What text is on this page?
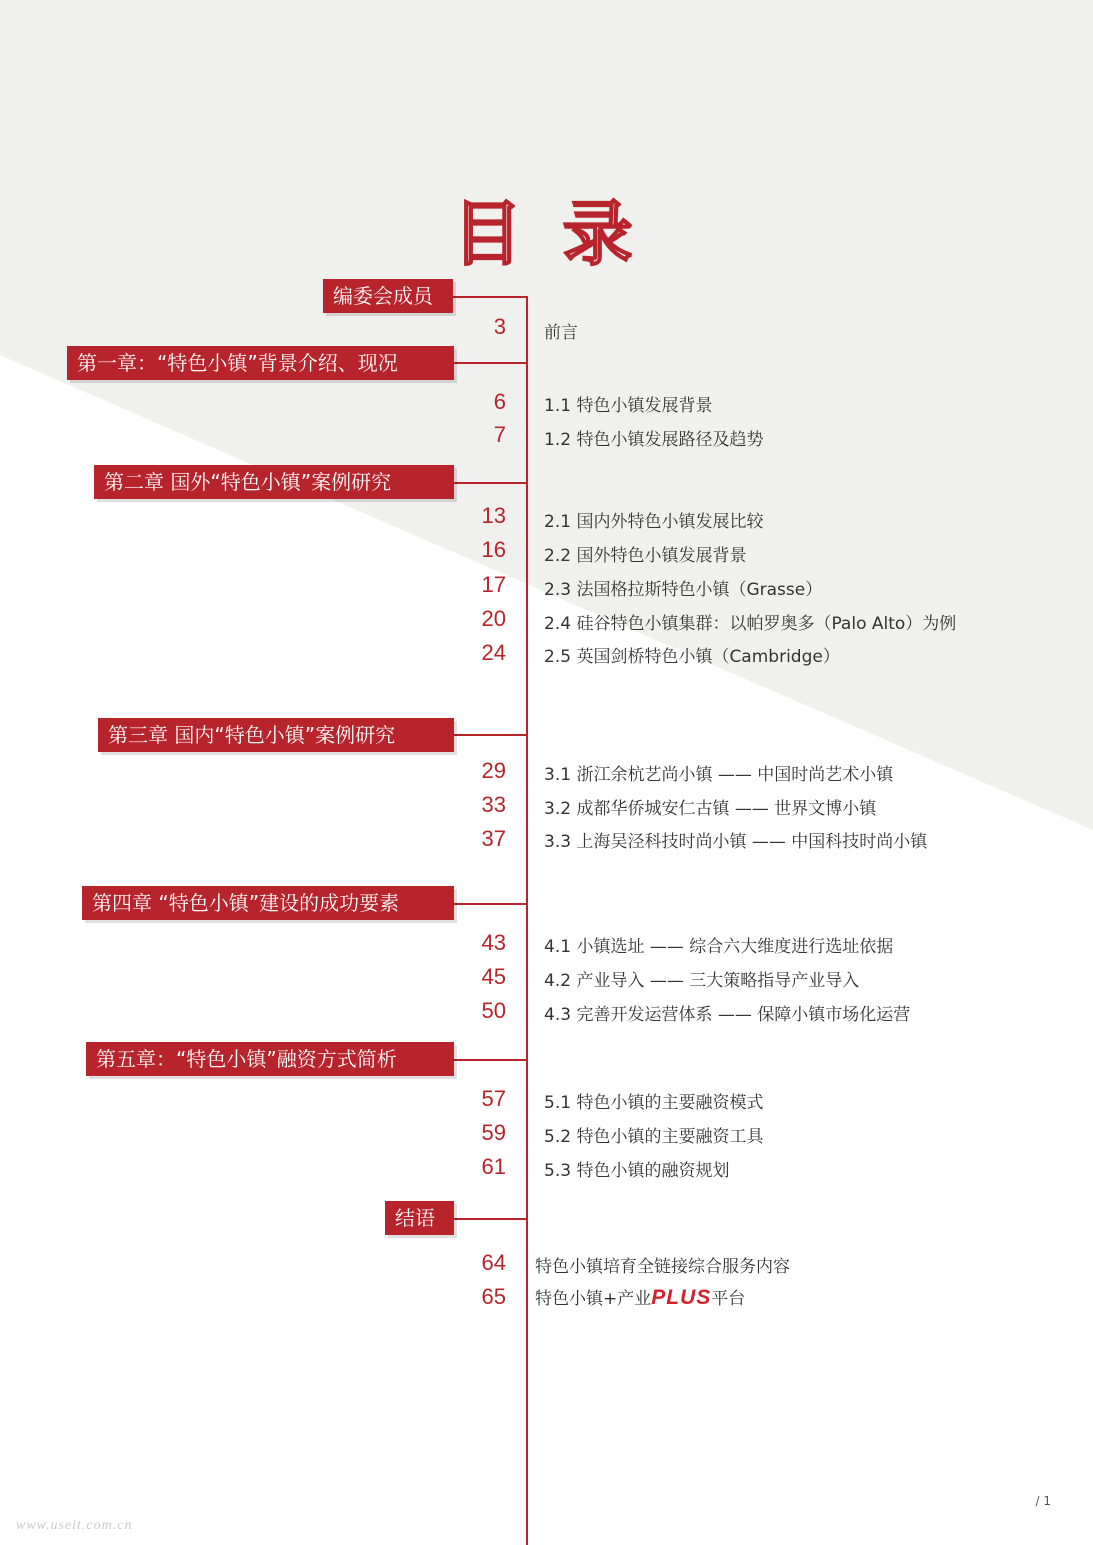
目 录
编委会成员
3 前言
第一章：“特色小镇”背景介绍、现况
6 1.1 特色小镇发展背景
7 1.2 特色小镇发展路径及趋势
第二章 国外“特色小镇”案例研究
13 2.1 国内外特色小镇发展比较
16 2.2 国外特色小镇发展背景
17 2.3 法国格拉斯特色小镇（Grasse）
20 2.4 硅谷特色小镇集群：以帕罗奥多（Palo Alto）为例
24 2.5 英国剑桥特色小镇（Cambridge）
第三章 国内“特色小镇”案例研究
29 3.1 浙江余杭艺尚小镇 —— 中国时尚艺术小镇
33 3.2 成都华侨城安仁古镇 —— 世界文博小镇
37 3.3 上海吴泾科技时尚小镇 —— 中国科技时尚小镇
第四章 “特色小镇”建设的成功要素
43 4.1 小镇选址 —— 综合六大维度进行选址依据
45 4.2 产业导入 —— 三大策略指导产业导入
50 4.3 完善开发运营体系 —— 保障小镇市场化运营
第五章：“特色小镇”融资方式简析
57 5.1 特色小镇的主要融资模式
59 5.2 特色小镇的主要融资工具
61 5.3 特色小镇的融资规划
结语
64 特色小镇培育全链接综合服务内容
65 特色小镇+产业PLUS平台
/ 1
www.useit.com.cn
